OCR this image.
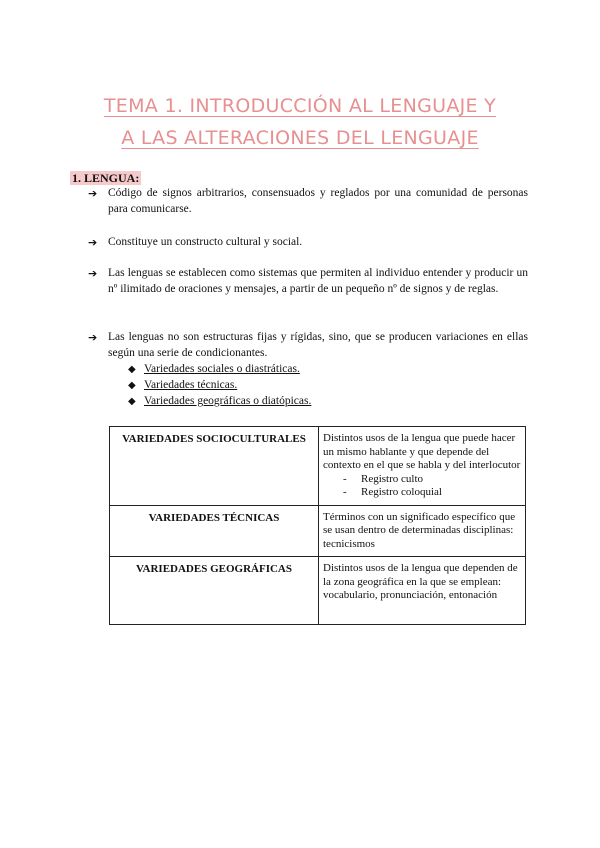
TEMA 1. INTRODUCCIÓN AL LENGUAJE Y
A LAS ALTERACIONES DEL LENGUAJE
1. LENGUA:
➔ Código de signos arbitrarios, consensuados y reglados por una comunidad de personas para comunicarse.
➔ Constituye un constructo cultural y social.
➔ Las lenguas se establecen como sistemas que permiten al individuo entender y producir un nº ilimitado de oraciones y mensajes, a partir de un pequeño nº de signos y de reglas.
➔ Las lenguas no son estructuras fijas y rígidas, sino, que se producen variaciones en ellas según una serie de condicionantes.
◆ Variedades sociales o diastráticas.
◆ Variedades técnicas.
◆ Variedades geográficas o diatópicas.
VARIEDADES SOCIOCULTURALES	Distintos usos de la lengua que puede hacer un mismo hablante y que depende del contexto en el que se habla y del interlocutor
- Registro culto
- Registro coloquial

VARIEDADES TÉCNICAS	Términos con un significado específico que se usan dentro de determinadas disciplinas: tecnicismos
VARIEDADES GEOGRÁFICAS	Distintos usos de la lengua que dependen de la zona geográfica en la que se emplean: vocabulario, pronunciación, entonación
